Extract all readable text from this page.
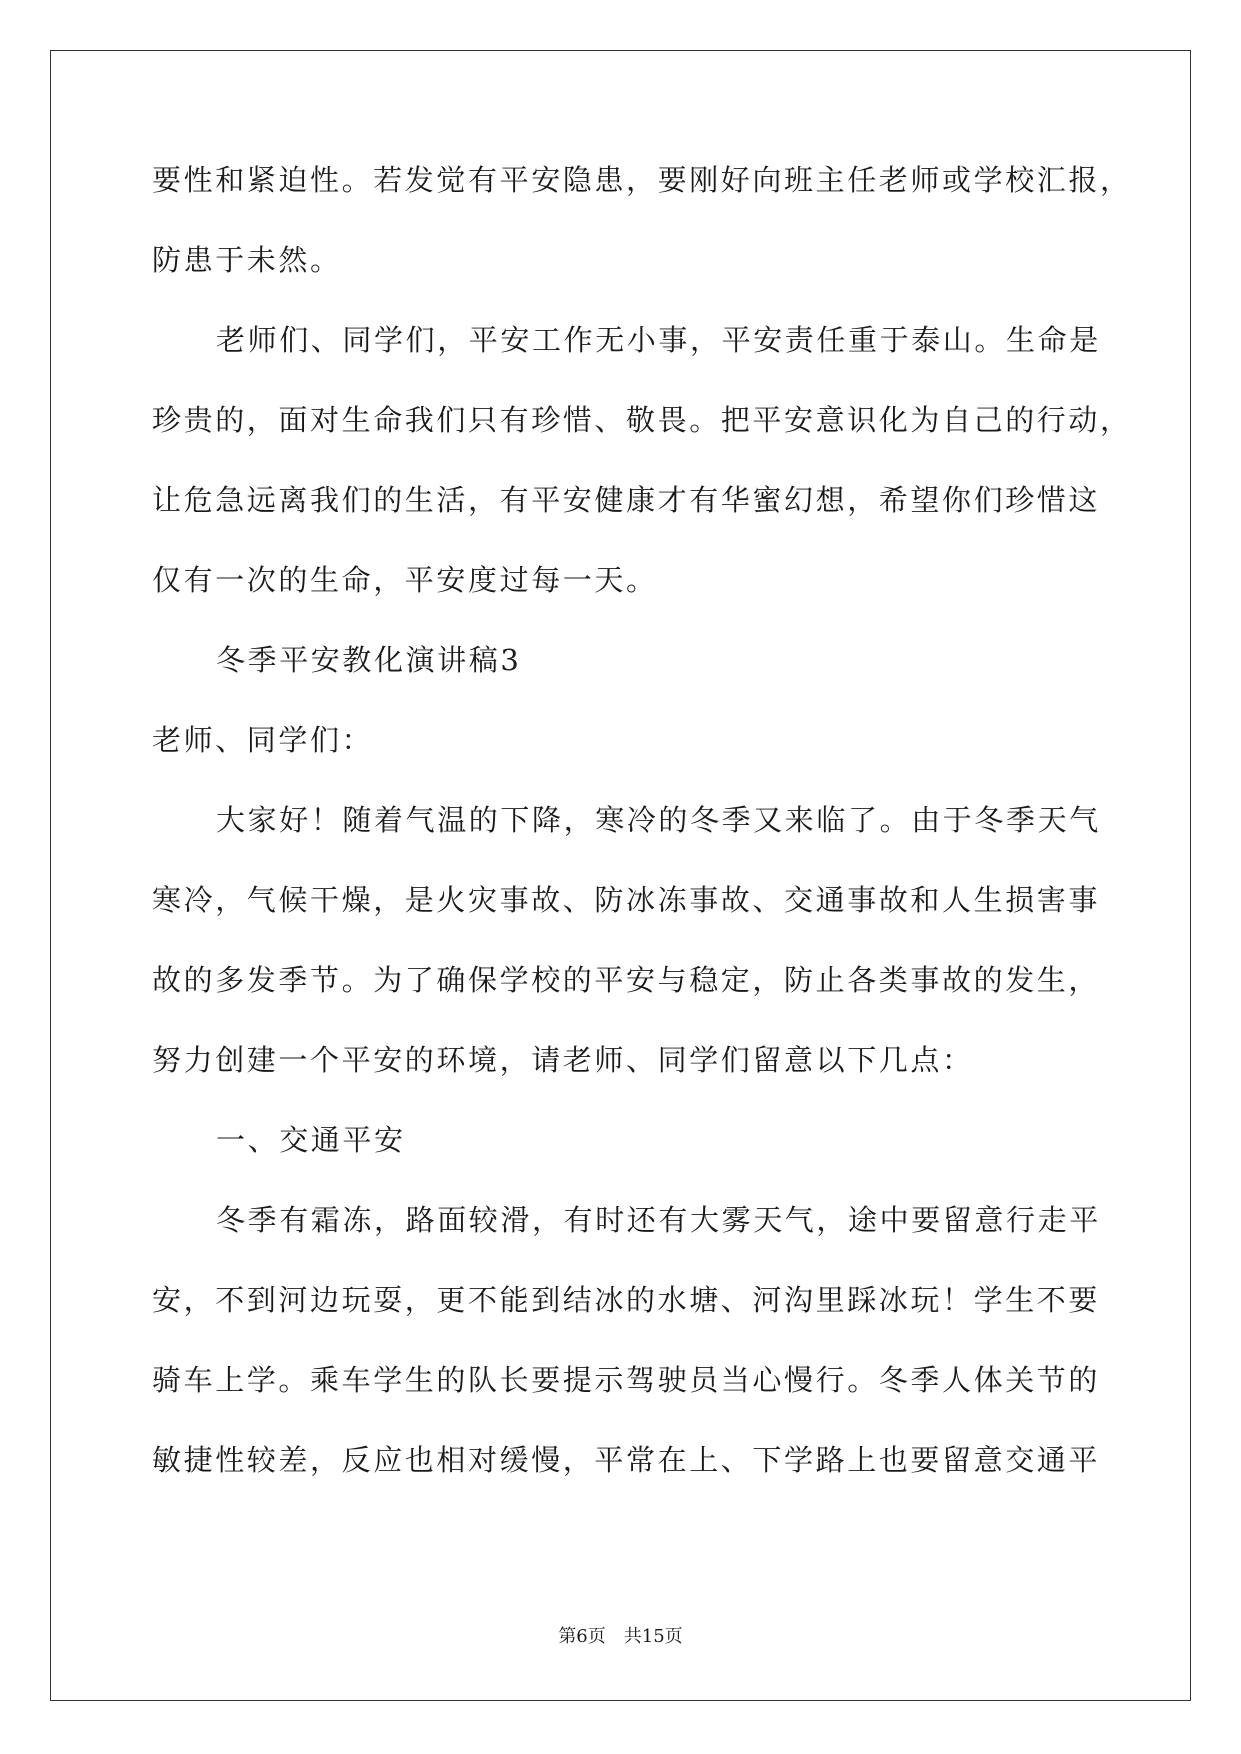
要性和紧迫性。若发觉有平安隐患，要刚好向班主任老师或学校汇报，
防患于未然。
老师们、同学们，平安工作无小事，平安责任重于泰山。生命是
珍贵的，面对生命我们只有珍惜、敬畏。把平安意识化为自己的行动，
让危急远离我们的生活，有平安健康才有华蜜幻想，希望你们珍惜这
仅有一次的生命，平安度过每一天。
冬季平安教化演讲稿3
老师、同学们：
大家好！随着气温的下降，寒冷的冬季又来临了。由于冬季天气
寒冷，气候干燥，是火灾事故、防冰冻事故、交通事故和人生损害事
故的多发季节。为了确保学校的平安与稳定，防止各类事故的发生，
努力创建一个平安的环境，请老师、同学们留意以下几点：
一、交通平安
冬季有霜冻，路面较滑，有时还有大雾天气，途中要留意行走平
安，不到河边玩耍，更不能到结冰的水塘、河沟里踩冰玩！学生不要
骑车上学。乘车学生的队长要提示驾驶员当心慢行。冬季人体关节的
敏捷性较差，反应也相对缓慢，平常在上、下学路上也要留意交通平
第6页 共15页
